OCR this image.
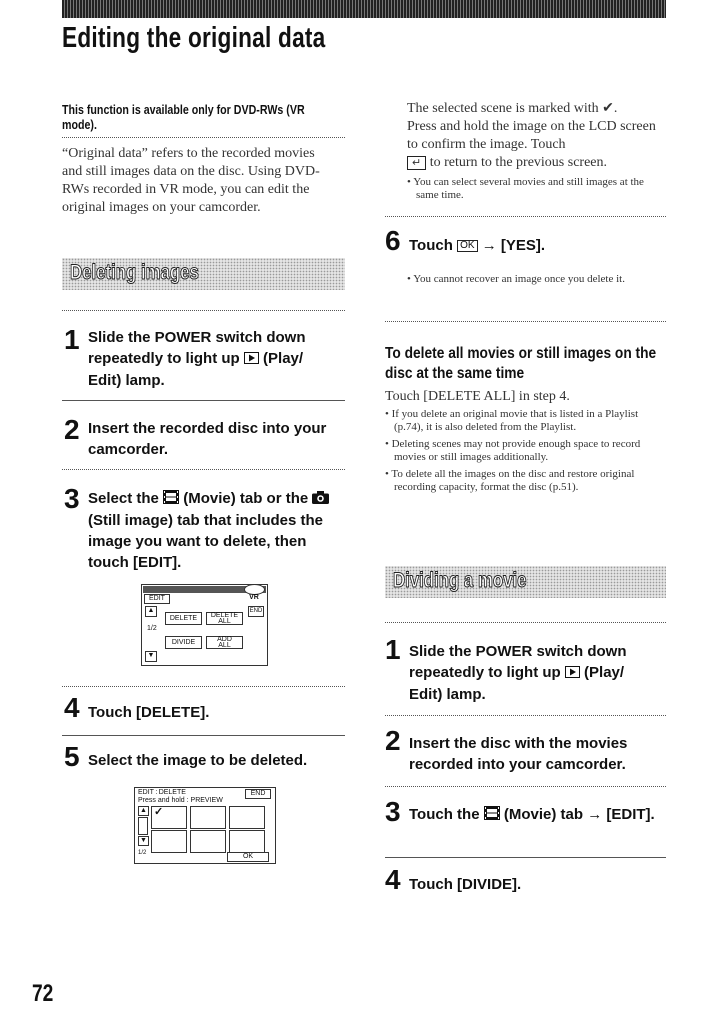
Editing the original data
This function is available only for DVD-RWs (VR mode).
“Original data” refers to the recorded movies and still images data on the disc. Using DVD-RWs recorded in VR mode, you can edit the original images on your camcorder.
Deleting images
1 Slide the POWER switch down repeatedly to light up  (Play/ Edit) lamp.
2 Insert the recorded disc into your camcorder.
3 Select the  (Movie) tab or the  (Still image) tab that includes the image you want to delete, then touch [EDIT].
EDIT	VR
▲
▼
END
DELETE	DELETE ALL
1/2
DIVIDE	ADD
ALL
4 Touch [DELETE].
5 Select the image to be deleted.
EDIT : DELETE	END
Press and hold : PREVIEW
▲
▼
✓
1/2	OK
The selected scene is marked with ✔.
Press and hold the image on the LCD screen to confirm the image. Touch
↵ to return to the previous screen.
• You can select several movies and still images at the same time.
6 Touch OK → [YES].
• You cannot recover an image once you delete it.
To delete all movies or still images on the disc at the same time
Touch [DELETE ALL] in step 4.
• If you delete an original movie that is listed in a Playlist (p.74), it is also deleted from the Playlist.
• Deleting scenes may not provide enough space to record movies or still images additionally.
• To delete all the images on the disc and restore original recording capacity, format the disc (p.51).
Dividing a movie
1 Slide the POWER switch down repeatedly to light up  (Play/ Edit) lamp.
2 Insert the disc with the movies recorded into your camcorder.
3 Touch the  (Movie) tab → [EDIT].
4 Touch [DIVIDE].
72
